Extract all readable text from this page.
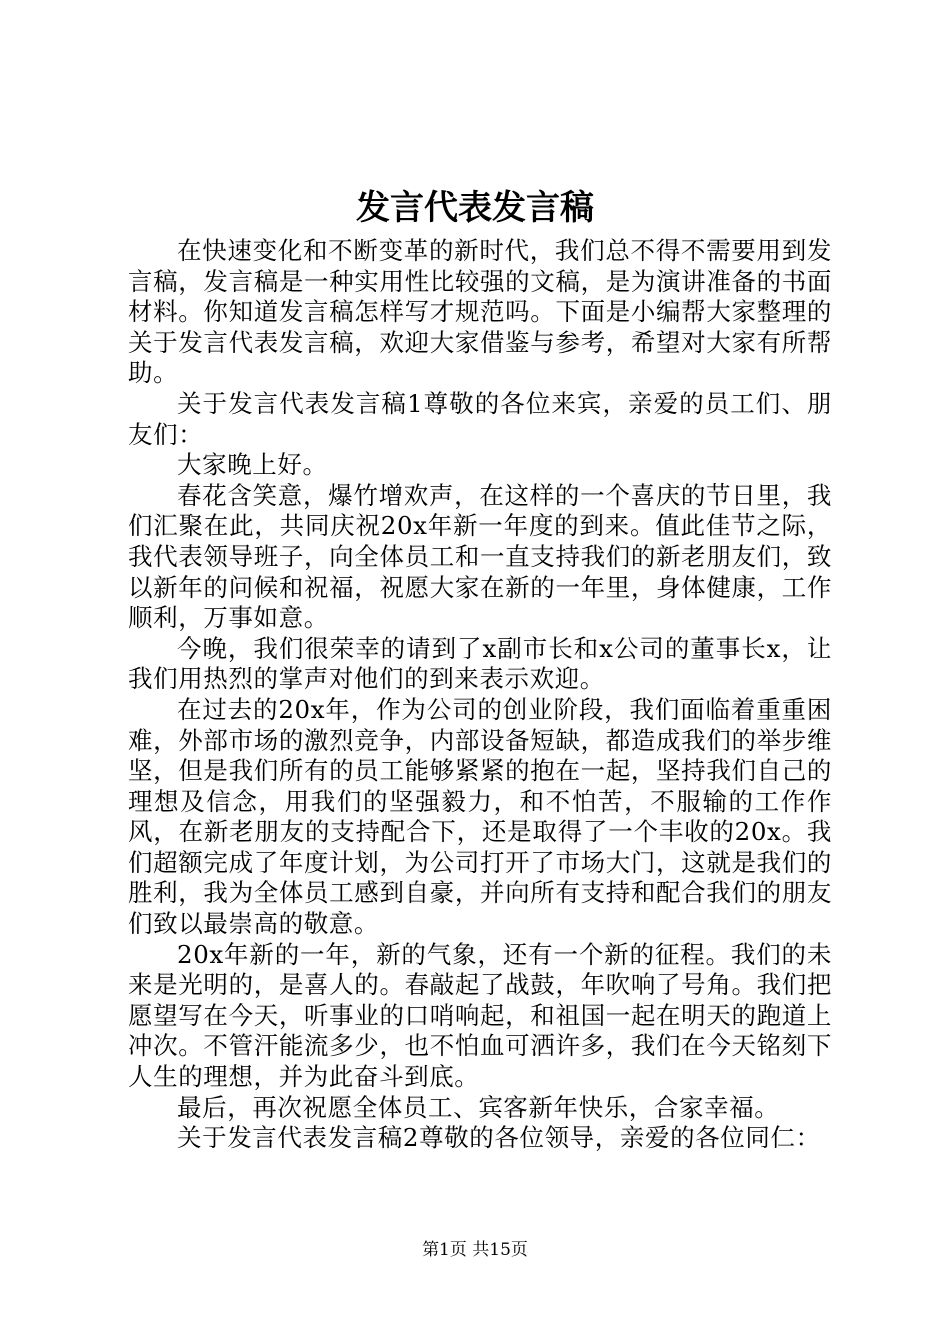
发言代表发言稿

在快速变化和不断变革的新时代，我们总不得不需要用到发言稿，发言稿是一种实用性比较强的文稿，是为演讲准备的书面材料。你知道发言稿怎样写才规范吗。下面是小编帮大家整理的关于发言代表发言稿，欢迎大家借鉴与参考，希望对大家有所帮助。

关于发言代表发言稿1尊敬的各位来宾，亲爱的员工们、朋友们：

大家晚上好。

春花含笑意，爆竹增欢声，在这样的一个喜庆的节日里，我们汇聚在此，共同庆祝20x年新一年度的到来。值此佳节之际，我代表领导班子，向全体员工和一直支持我们的新老朋友们，致以新年的问候和祝福，祝愿大家在新的一年里，身体健康，工作顺利，万事如意。

今晚，我们很荣幸的请到了x副市长和x公司的董事长x，让我们用热烈的掌声对他们的到来表示欢迎。

在过去的20x年，作为公司的创业阶段，我们面临着重重困难，外部市场的激烈竞争，内部设备短缺，都造成我们的举步维坚，但是我们所有的员工能够紧紧的抱在一起，坚持我们自己的理想及信念，用我们的坚强毅力，和不怕苦，不服输的工作作风，在新老朋友的支持配合下，还是取得了一个丰收的20x。我们超额完成了年度计划，为公司打开了市场大门，这就是我们的胜利，我为全体员工感到自豪，并向所有支持和配合我们的朋友们致以最崇高的敬意。

20x年新的一年，新的气象，还有一个新的征程。我们的未来是光明的，是喜人的。春敲起了战鼓，年吹响了号角。我们把愿望写在今天，听事业的口哨响起，和祖国一起在明天的跑道上冲次。不管汗能流多少，也不怕血可洒许多，我们在今天铭刻下人生的理想，并为此奋斗到底。

最后，再次祝愿全体员工、宾客新年快乐，合家幸福。

关于发言代表发言稿2尊敬的各位领导，亲爱的各位同仁：

第1页 共15页
